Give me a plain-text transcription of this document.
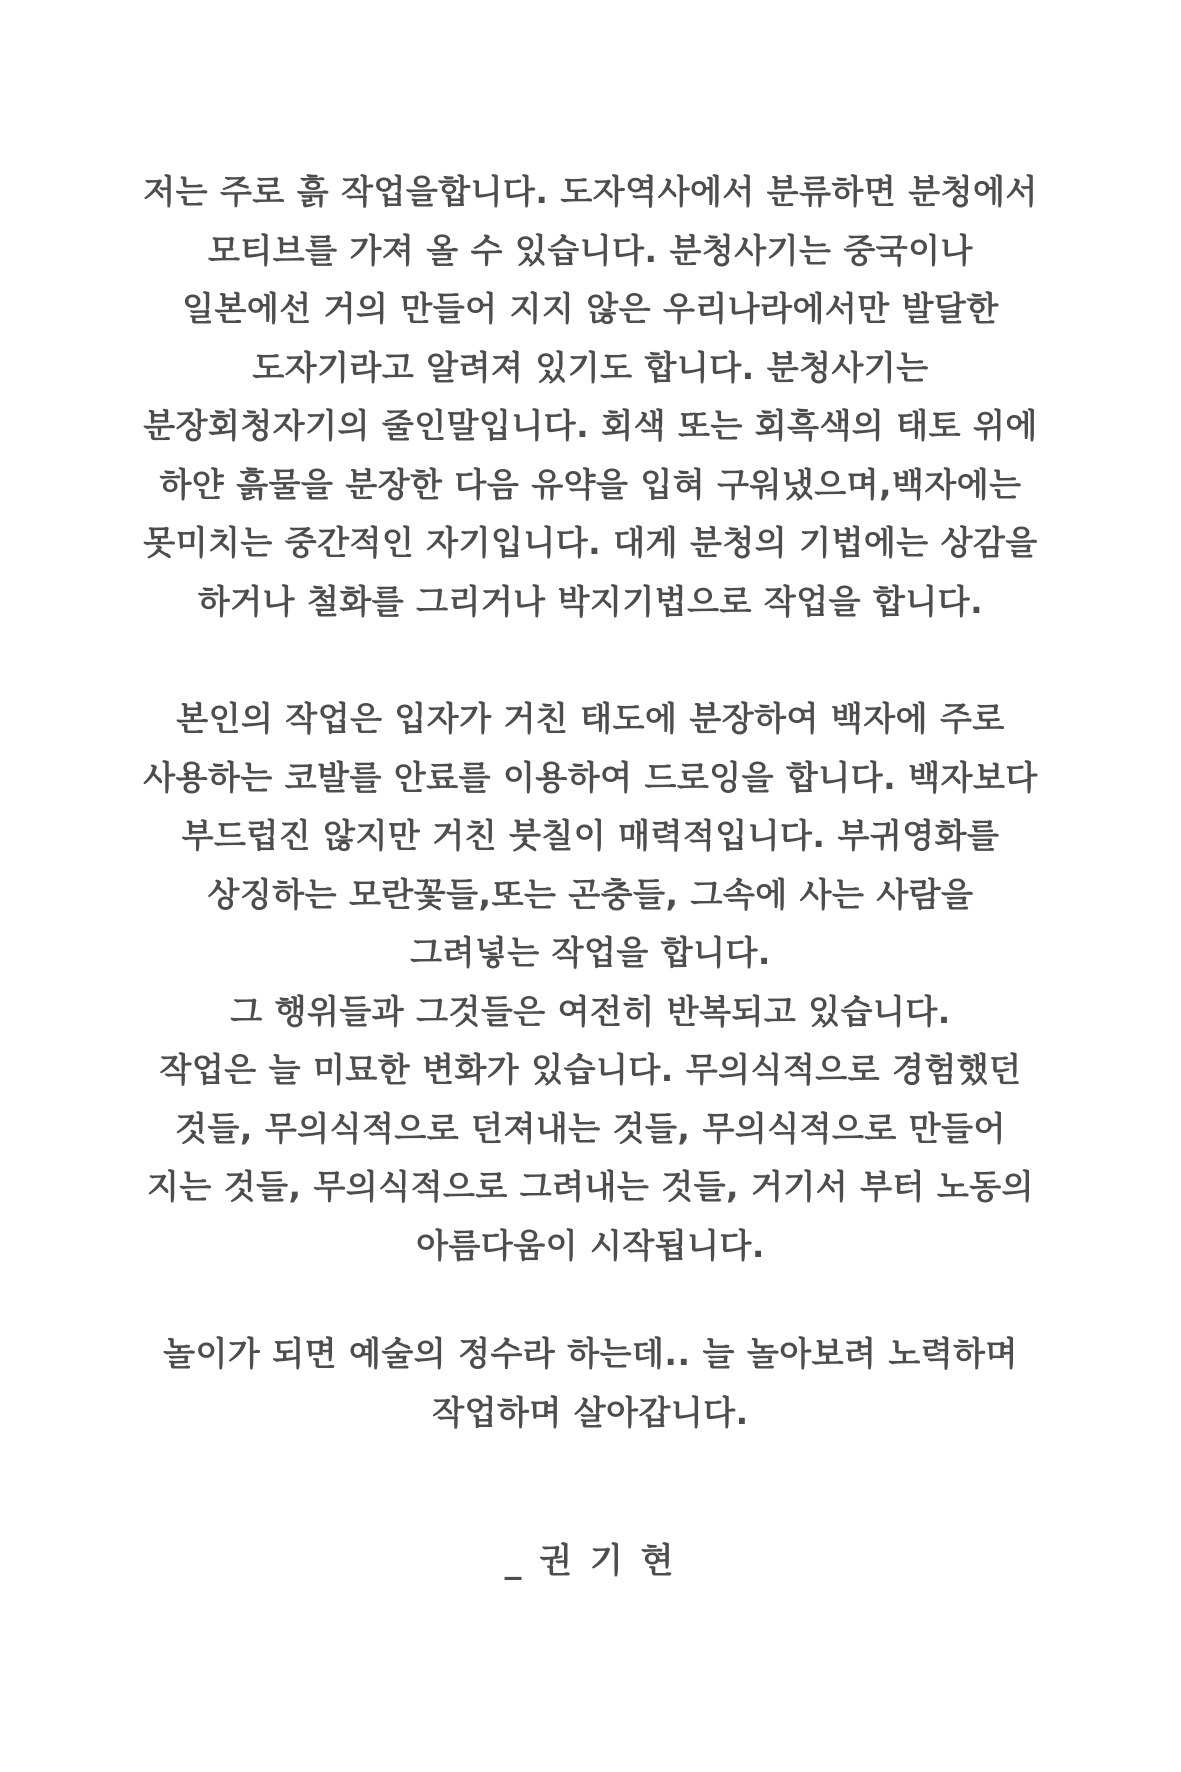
저는 주로 흙 작업을합니다. 도자역사에서 분류하면 분청에서
모티브를 가져 올 수 있습니다. 분청사기는 중국이나
일본에선 거의 만들어 지지 않은 우리나라에서만 발달한
도자기라고 알려져 있기도 합니다. 분청사기는
분장회청자기의 줄인말입니다. 회색 또는 회흑색의 태토 위에
하얀 흙물을 분장한 다음 유약을 입혀 구워냈으며,백자에는
못미치는 중간적인 자기입니다. 대게 분청의 기법에는 상감을
하거나 철화를 그리거나 박지기법으로 작업을 합니다.
본인의 작업은 입자가 거친 태도에 분장하여 백자에 주로
사용하는 코발를 안료를 이용하여 드로잉을 합니다. 백자보다
부드럽진 않지만 거친 붓칠이 매력적입니다. 부귀영화를
상징하는 모란꽃들,또는 곤충들, 그속에 사는 사람을
그려넣는 작업을 합니다.
그 행위들과 그것들은 여전히 반복되고 있습니다.
작업은 늘 미묘한 변화가 있습니다. 무의식적으로 경험했던
것들, 무의식적으로 던져내는 것들, 무의식적으로 만들어
지는 것들, 무의식적으로 그려내는 것들, 거기서 부터 노동의
아름다움이 시작됩니다.
놀이가 되면 예술의 정수라 하는데.. 늘 놀아보려 노력하며
작업하며 살아갑니다.
_ 권 기 현
